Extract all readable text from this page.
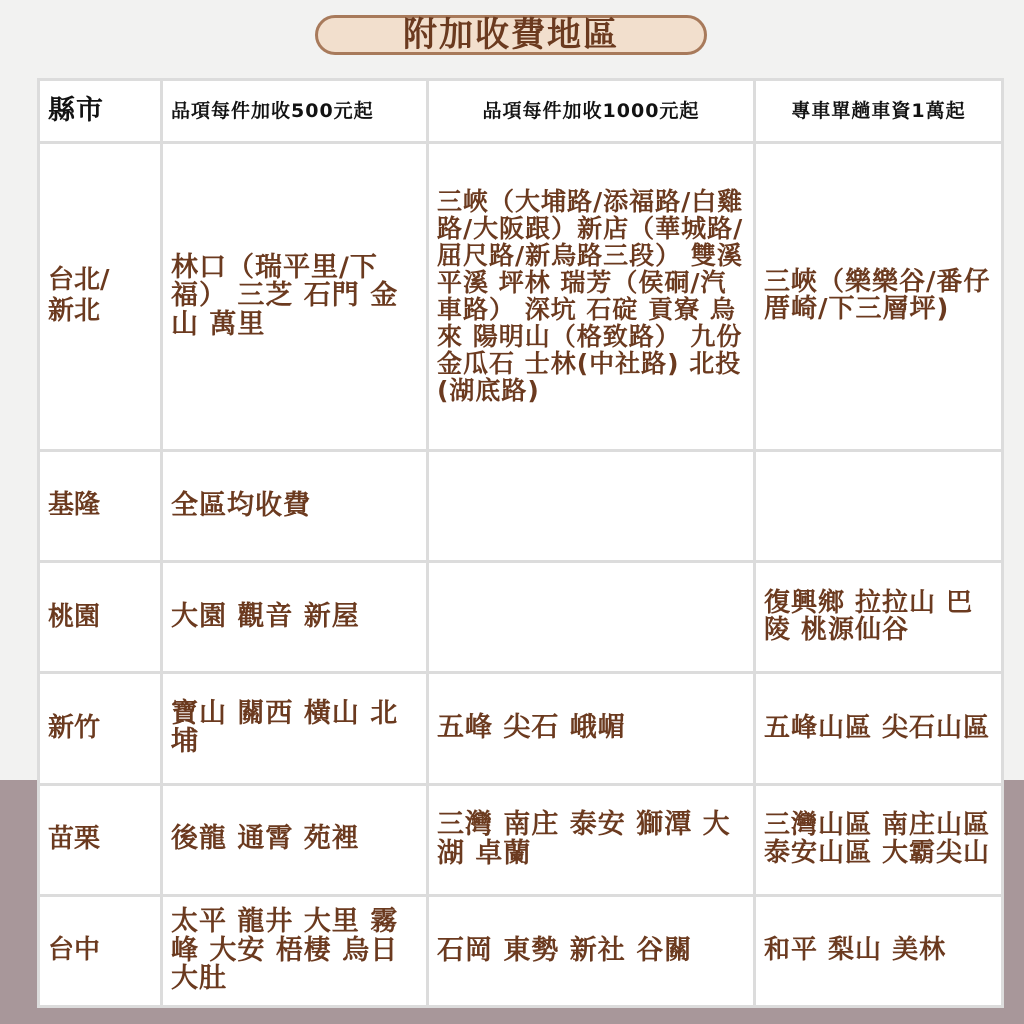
附加收費地區
縣市	品項每件加收500元起	品項每件加收1000元起	專車單趟車資1萬起

台北/
新北	林口（瑞平里/下福） 三芝 石門 金山 萬里	三峽（大埔路/添福路/白雞路/大阪跟）新店（華城路/屈尺路/新烏路三段） 雙溪 平溪 坪林 瑞芳（侯硐/汽車路） 深坑 石碇 貢寮 烏來 陽明山（格致路） 九份 金瓜石 士林(中社路) 北投(湖底路)	三峽（樂樂谷/番仔厝崎/下三層坪)

基隆	全區均收費		

桃園	大園 觀音 新屋		復興鄉 拉拉山 巴陵 桃源仙谷

新竹	寶山 關西 橫山 北埔	五峰 尖石 峨嵋	五峰山區 尖石山區

苗栗	後龍 通霄 苑裡	三灣 南庄 泰安 獅潭 大湖 卓蘭	三灣山區 南庄山區 泰安山區 大霸尖山

台中	太平 龍井 大里 霧峰 大安 梧棲 烏日 大肚	石岡 東勢 新社 谷關	和平 梨山 美林
